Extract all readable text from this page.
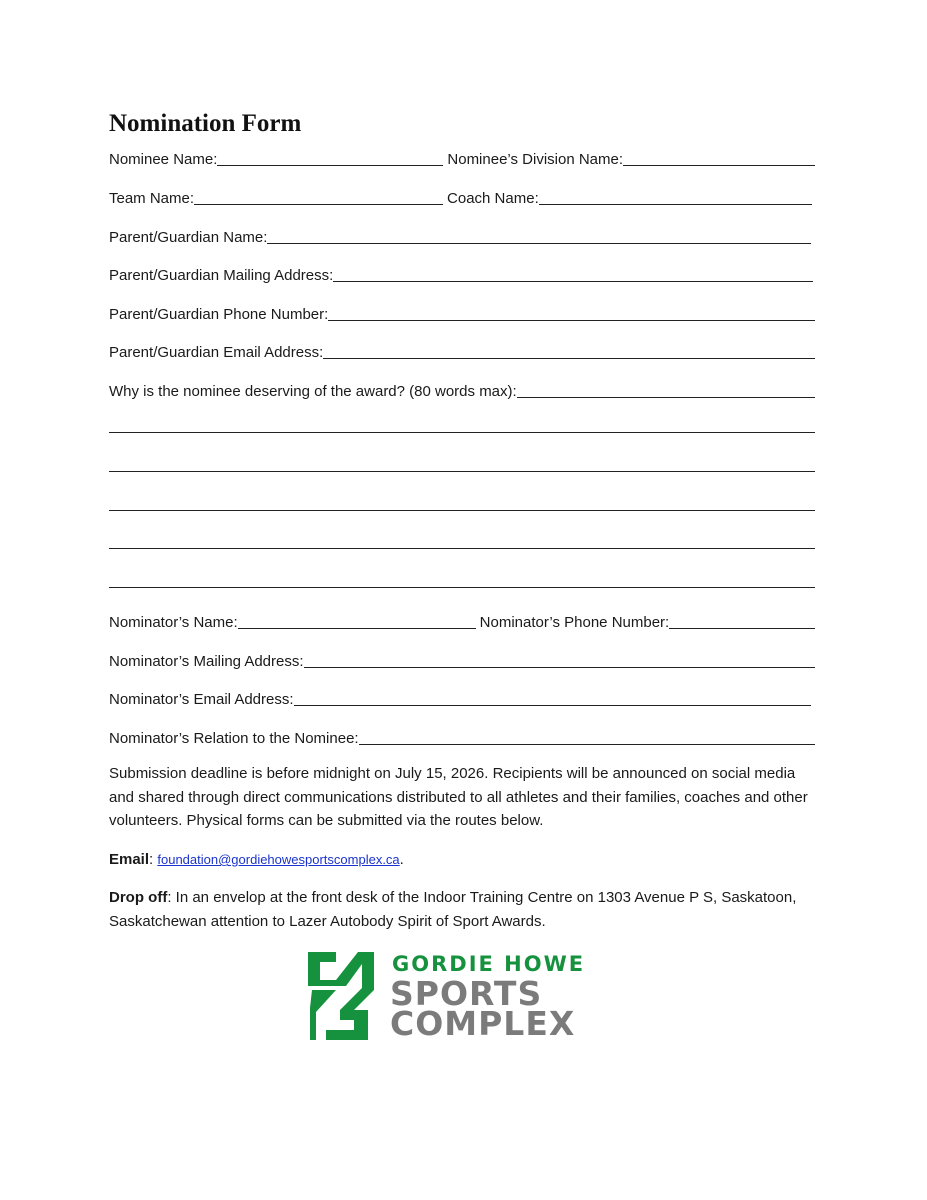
Nomination Form
Nominee Name:	Nominee’s Division Name:
Team Name:	Coach Name:
Parent/Guardian Name:
Parent/Guardian Mailing Address:
Parent/Guardian Phone Number:
Parent/Guardian Email Address:
Why is the nominee deserving of the award? (80 words max):
Nominator’s Name:	Nominator’s Phone Number:
Nominator’s Mailing Address:
Nominator’s Email Address:
Nominator’s Relation to the Nominee:
Submission deadline is before midnight on July 15, 2026. Recipients will be announced on social media and shared through direct communications distributed to all athletes and their families, coaches and other volunteers. Physical forms can be submitted via the routes below.
Email: foundation@gordiehowesportscomplex.ca.
Drop off: In an envelop at the front desk of the Indoor Training Centre on 1303 Avenue P S, Saskatoon, Saskatchewan attention to Lazer Autobody Spirit of Sport Awards.
GORDIE HOWE
SPORTS
COMPLEX
